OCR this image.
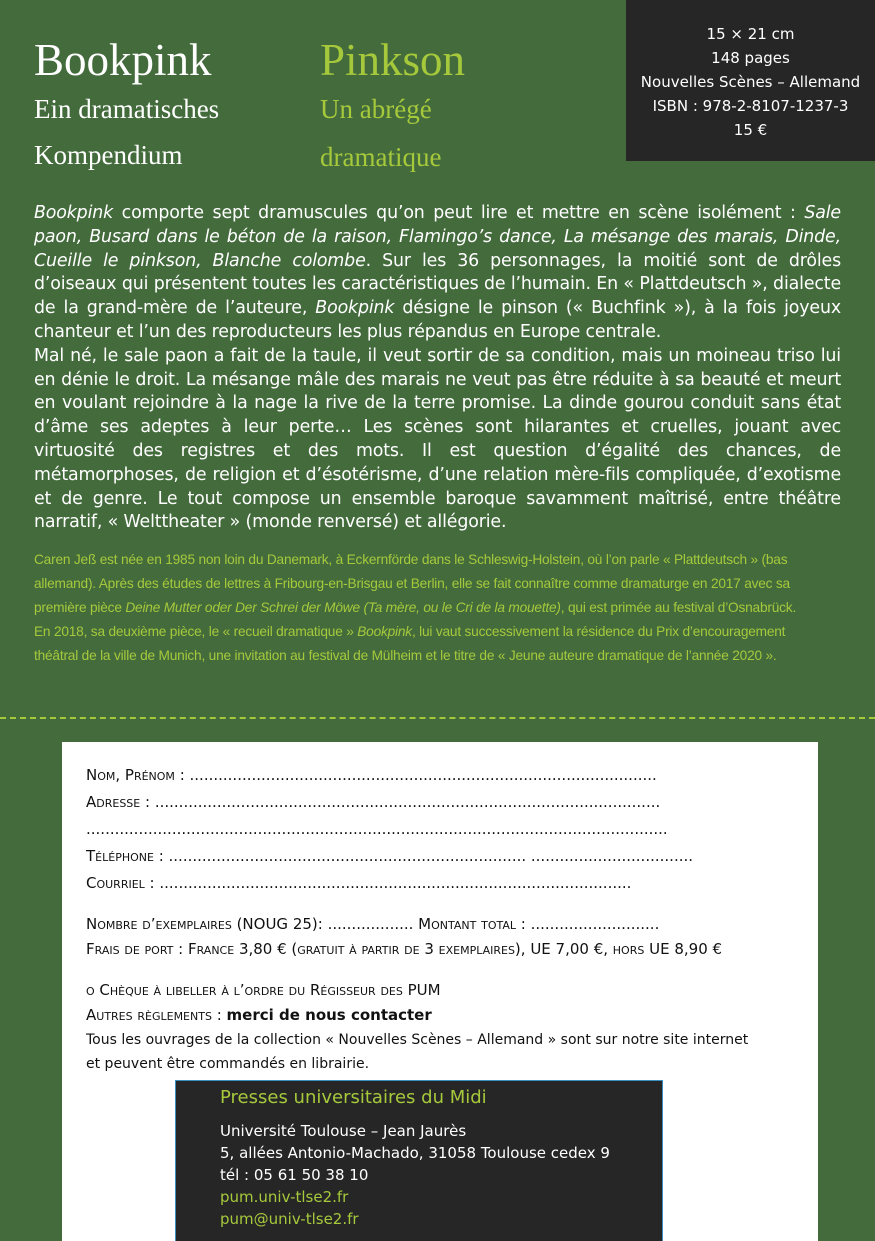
Bookpink
Ein dramatisches
Kompendium
Pinkson
Un abrégé
dramatique
15 × 21 cm
148 pages
Nouvelles Scènes – Allemand
ISBN : 978-2-8107-1237-3
15 €

Bookpink comporte sept dramuscules qu’on peut lire et mettre en scène isolément : Sale paon, Busard dans le béton de la raison, Flamingo’s dance, La mésange des marais, Dinde, Cueille le pinkson, Blanche colombe. Sur les 36 personnages, la moitié sont de drôles d’oiseaux qui présentent toutes les caractéristiques de l’humain. En « Plattdeutsch », dialecte de la grand-mère de l’auteure, Bookpink désigne le pinson (« Buchfink »), à la fois joyeux chanteur et l’un des reproducteurs les plus répandus en Europe centrale.

Mal né, le sale paon a fait de la taule, il veut sortir de sa condition, mais un moineau triso lui en dénie le droit. La mésange mâle des marais ne veut pas être réduite à sa beauté et meurt en voulant rejoindre à la nage la rive de la terre promise. La dinde gourou conduit sans état d’âme ses adeptes à leur perte… Les scènes sont hilarantes et cruelles, jouant avec virtuosité des registres et des mots. Il est question d’égalité des chances, de métamorphoses, de religion et d’ésotérisme, d’une relation mère-fils compliquée, d’exotisme et de genre. Le tout compose un ensemble baroque savamment maîtrisé, entre théâtre narratif, « Welttheater » (monde renversé) et allégorie.

Caren Jeß est née en 1985 non loin du Danemark, à Eckernförde dans le Schleswig-Holstein, où l’on parle « Plattdeutsch » (bas allemand). Après des études de lettres à Fribourg-en-Brisgau et Berlin, elle se fait connaître comme dramaturge en 2017 avec sa première pièce Deine Mutter oder Der Schrei der Möwe (Ta mère, ou le Cri de la mouette), qui est primée au festival d’Osnabrück. En 2018, sa deuxième pièce, le « recueil dramatique » Bookpink, lui vaut successivement la résidence du Prix d’encouragement théâtral de la ville de Munich, une invitation au festival de Mülheim et le titre de « Jeune auteure dramatique de l’année 2020 ».
Nom, Prénom : ..................................................................................................
Adresse : ..........................................................................................................
..........................................................................................................................
Téléphone : ........................................................................... ..................................
Courriel : ...................................................................................................
Nombre d’exemplaires (NOUG 25): .................. Montant total : ...........................
Frais de port : France 3,80 € (gratuit à partir de 3 exemplaires), UE 7,00 €, hors UE 8,90 €
o Chèque à libeller à l’ordre du Régisseur des PUM
Autres règlements : merci de nous contacter
Tous les ouvrages de la collection « Nouvelles Scènes – Allemand » sont sur notre site internet
et peuvent être commandés en librairie.
Presses universitaires du Midi
Université Toulouse – Jean Jaurès
5, allées Antonio-Machado, 31058 Toulouse cedex 9
tél : 05 61 50 38 10
pum.univ-tlse2.fr
pum@univ-tlse2.fr
